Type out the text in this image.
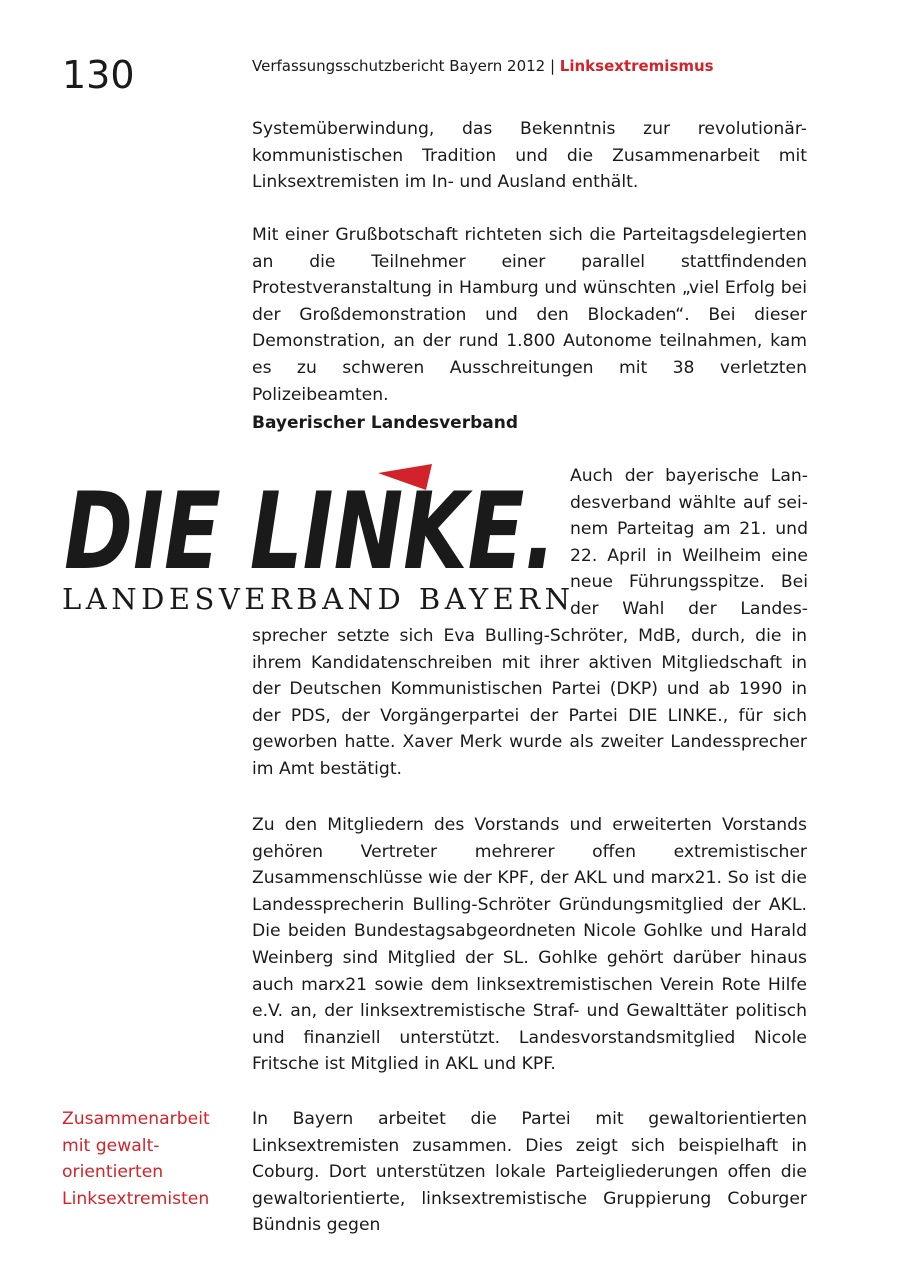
130	Verfassungsschutzbericht Bayern 2012 | Linksextremismus

Systemüberwindung, das Bekenntnis zur revolutionär-kommunistischen Tradition und die Zusammenarbeit mit Linksextremisten im In- und Ausland enthält.

Mit einer Grußbotschaft richteten sich die Parteitagsdelegierten an die Teilnehmer einer parallel stattfindenden Protestveranstaltung in Hamburg und wünschten „viel Erfolg bei der Großdemonstration und den Blockaden“. Bei dieser Demonstration, an der rund 1.800 Autonome teilnahmen, kam es zu schweren Ausschreitungen mit 38 verletzten Polizeibeamten.

Bayerischer Landesverband
DIE LINKE.
LANDESVERBAND BAYERN
Auch der bayerische Lan-
desverband wählte auf sei-
nem Parteitag am 21. und
22. April in Weilheim eine
neue Führungsspitze. Bei
der Wahl der Landes-

sprecher setzte sich Eva Bulling-Schröter, MdB, durch, die in ihrem Kandidatenschreiben mit ihrer aktiven Mitgliedschaft in der Deutschen Kommunistischen Partei (DKP) und ab 1990 in der PDS, der Vorgängerpartei der Partei DIE LINKE., für sich geworben hatte. Xaver Merk wurde als zweiter Landessprecher im Amt bestätigt.

Zu den Mitgliedern des Vorstands und erweiterten Vorstands gehören Vertreter mehrerer offen extremistischer Zusammenschlüsse wie der KPF, der AKL und marx21. So ist die Landessprecherin Bulling-Schröter Gründungsmitglied der AKL. Die beiden Bundestagsabgeordneten Nicole Gohlke und Harald Weinberg sind Mitglied der SL. Gohlke gehört darüber hinaus auch marx21 sowie dem linksextremistischen Verein Rote Hilfe e.V. an, der linksextremistische Straf- und Gewalttäter politisch und finanziell unterstützt. Landesvorstandsmitglied Nicole Fritsche ist Mitglied in AKL und KPF.

Zusammenarbeit
mit gewalt-
orientierten
Linksextremisten

In Bayern arbeitet die Partei mit gewaltorientierten Linksextremisten zusammen. Dies zeigt sich beispielhaft in Coburg. Dort unterstützen lokale Parteigliederungen offen die gewaltorientierte, linksextremistische Gruppierung Coburger Bündnis gegen
